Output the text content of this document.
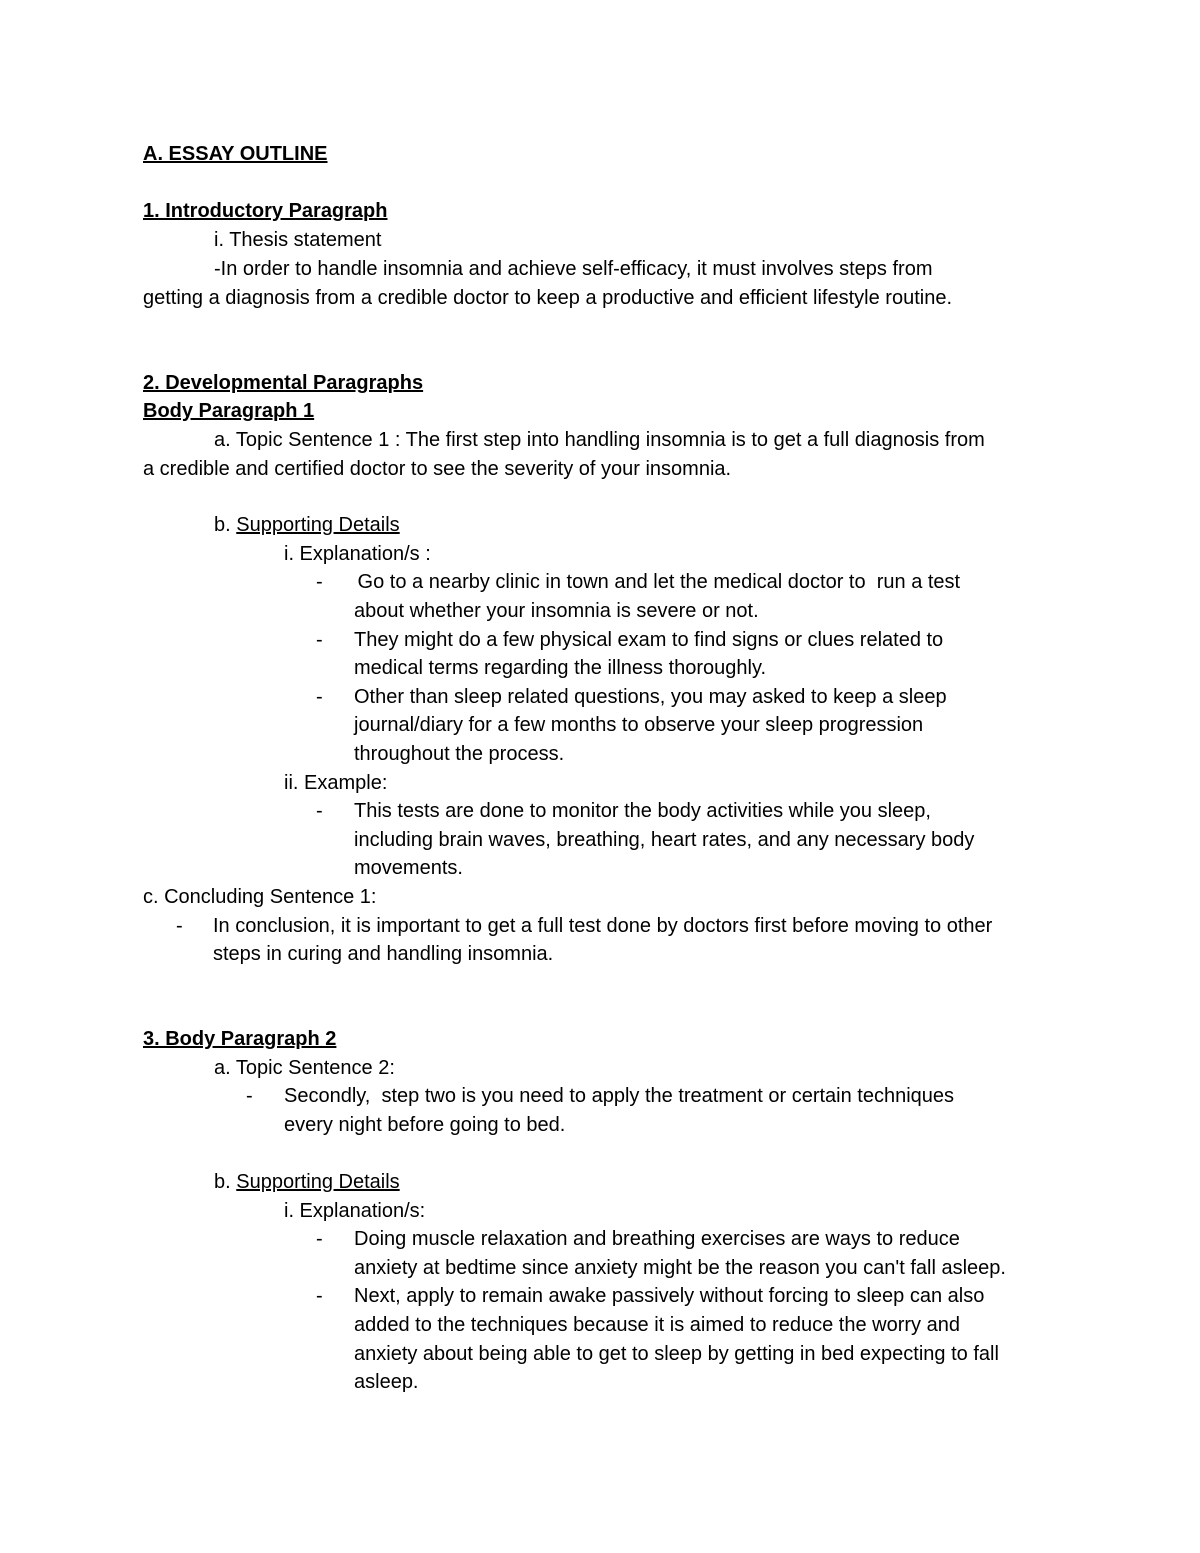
A. ESSAY OUTLINE
1. Introductory Paragraph
i. Thesis statement
-In order to handle insomnia and achieve self-efficacy, it must involves steps from
getting a diagnosis from a credible doctor to keep a productive and efficient lifestyle routine.
2. Developmental Paragraphs
Body Paragraph 1
a. Topic Sentence 1 : The first step into handling insomnia is to get a full diagnosis from
a credible and certified doctor to see the severity of your insomnia.
b. Supporting Details
i. Explanation/s :
- Go to a nearby clinic in town and let the medical doctor to  run a test
about whether your insomnia is severe or not.
- They might do a few physical exam to find signs or clues related to
medical terms regarding the illness thoroughly.
- Other than sleep related questions, you may asked to keep a sleep
journal/diary for a few months to observe your sleep progression
throughout the process.
ii. Example:
- This tests are done to monitor the body activities while you sleep,
including brain waves, breathing, heart rates, and any necessary body
movements.
c. Concluding Sentence 1:
- In conclusion, it is important to get a full test done by doctors first before moving to other
steps in curing and handling insomnia.
3. Body Paragraph 2
a. Topic Sentence 2:
- Secondly,  step two is you need to apply the treatment or certain techniques
every night before going to bed.
b. Supporting Details
i. Explanation/s:
- Doing muscle relaxation and breathing exercises are ways to reduce
anxiety at bedtime since anxiety might be the reason you can't fall asleep.
- Next, apply to remain awake passively without forcing to sleep can also
added to the techniques because it is aimed to reduce the worry and
anxiety about being able to get to sleep by getting in bed expecting to fall
asleep.
